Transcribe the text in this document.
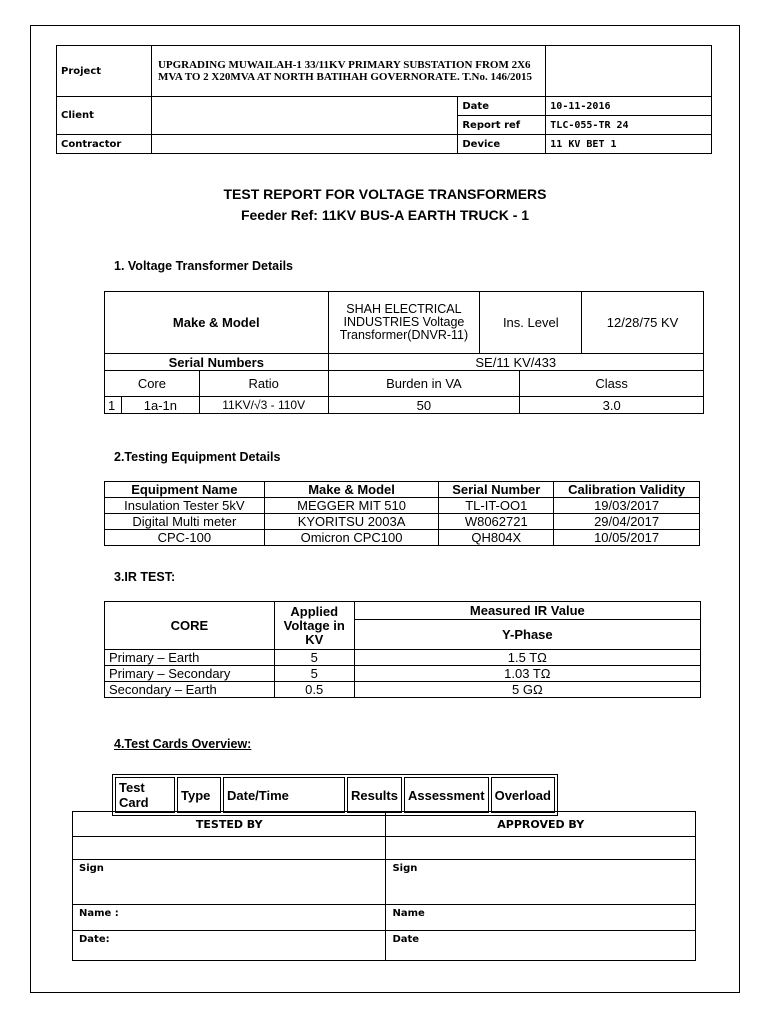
Project	UPGRADING MUWAILAH-1 33/11KV PRIMARY SUBSTATION FROM 2X6 MVA TO 2 X20MVA AT NORTH BATIHAH GOVERNORATE. T.No. 146/2015		
Client		Date	10-11-2016
		Report ref	TLC-055-TR 24
Contractor		Device	11 KV BET 1
TEST REPORT FOR VOLTAGE TRANSFORMERS
Feeder Ref: 11KV BUS-A EARTH TRUCK - 1
1. Voltage Transformer Details
Make & Model			SHAH ELECTRICAL INDUSTRIES Voltage Transformer(DNVR-11)	Ins. Level		12/28/75 KV
Serial Numbers			SE/11 KV/433			
Core		Ratio	Burden in VA		Class	
1	1a-1n	11KV/√3 - 110V	50		3.0	
2.Testing Equipment Details
Equipment Name	Make & Model	Serial Number	Calibration Validity
Insulation Tester 5kV	MEGGER MIT 510	TL-IT-OO1	19/03/2017
Digital Multi meter	KYORITSU 2003A	W8062721	29/04/2017
CPC-100	Omicron CPC100	QH804X	10/05/2017
3.IR TEST:
CORE	Applied Voltage in KV	Measured IR Value
		Y-Phase
Primary – Earth	5	1.5 TΩ
Primary – Secondary	5	1.03 TΩ
Secondary – Earth	0.5	5 GΩ
4.Test Cards Overview:
Test Card	Type	Date/Time	Results	Assessment	Overload
TESTED BY	APPROVED BY

Sign	Sign
Name :	Name
Date:	Date
